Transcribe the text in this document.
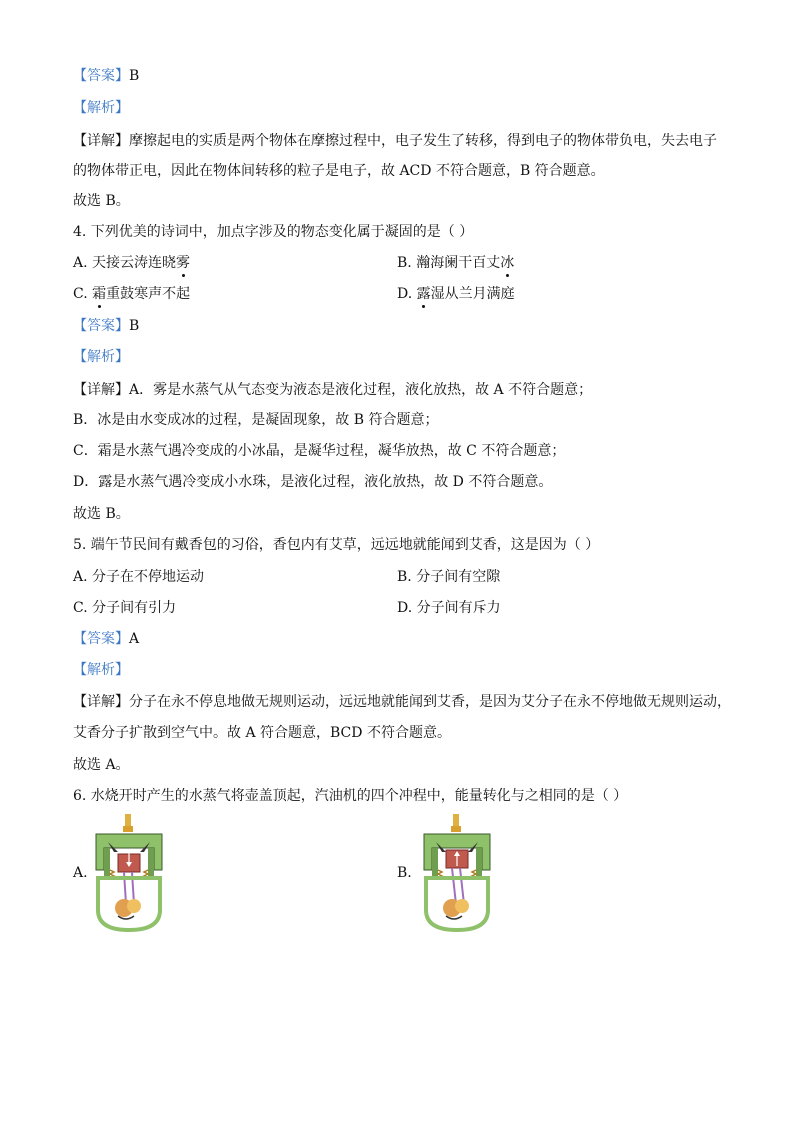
【答案】B
【解析】
【详解】摩擦起电的实质是两个物体在摩擦过程中，电子发生了转移，得到电子的物体带负电，失去电子
的物体带正电，因此在物体间转移的粒子是电子，故 ACD 不符合题意，B 符合题意。
故选 B。
4. 下列优美的诗词中，加点字涉及的物态变化属于凝固的是（ ）
A. 天接云涛连晓雾	B. 瀚海阑干百丈冰
C. 霜重鼓寒声不起	D. 露湿从兰月满庭
【答案】B
【解析】
【详解】A．雾是水蒸气从气态变为液态是液化过程，液化放热，故 A 不符合题意；
B．冰是由水变成冰的过程，是凝固现象，故 B 符合题意；
C．霜是水蒸气遇冷变成的小冰晶，是凝华过程，凝华放热，故 C 不符合题意；
D．露是水蒸气遇冷变成小水珠，是液化过程，液化放热，故 D 不符合题意。
故选 B。
5. 端午节民间有戴香包的习俗，香包内有艾草，远远地就能闻到艾香，这是因为（ ）
A. 分子在不停地运动	B. 分子间有空隙
C. 分子间有引力	D. 分子间有斥力
【答案】A
【解析】
【详解】分子在永不停息地做无规则运动，远远地就能闻到艾香，是因为艾分子在永不停地做无规则运动，
艾香分子扩散到空气中。故 A 符合题意，BCD 不符合题意。
故选 A。
6. 水烧开时产生的水蒸气将壶盖顶起，汽油机的四个冲程中，能量转化与之相同的是（ ）
A.	B.
